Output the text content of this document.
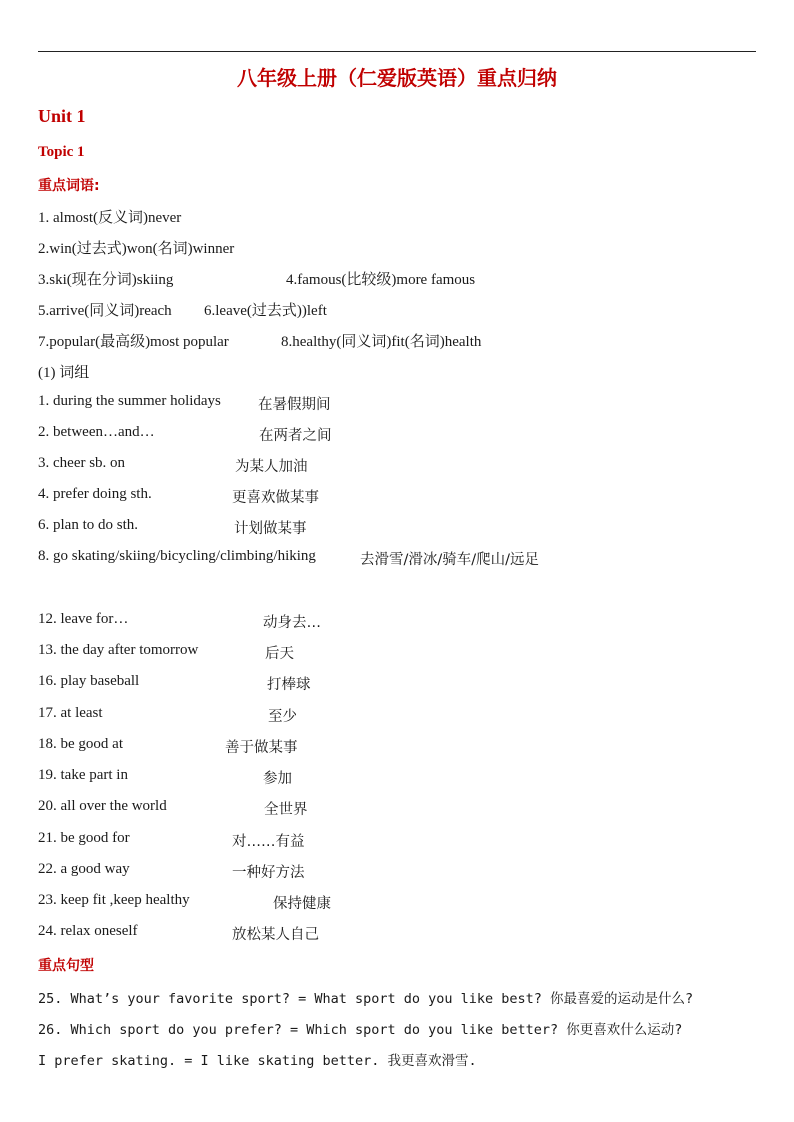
八年级上册（仁爱版英语）重点归纳
Unit 1
Topic 1
重点词语:
1. almost(反义词)never
2.win(过去式)won(名词)winner
3.ski(现在分词)skiing	4.famous(比较级)more famous
5.arrive(同义词)reach 6.leave(过去式))left
7.popular(最高级)most popular	8.healthy(同义词)fit(名词)health
(1) 词组
1. during the summer holidays	在暑假期间
2. between…and…	在两者之间
3. cheer sb. on	为某人加油
4. prefer doing sth.	更喜欢做某事
6. plan to do sth.	计划做某事
8. go skating/skiing/bicycling/climbing/hiking	去滑雪/滑冰/骑车/爬山/远足
12. leave for…	动身去…
13. the day after tomorrow	后天
16. play baseball	打棒球
17. at least	至少
18. be good at	善于做某事
19. take part in	参加
20. all over the world	全世界
21. be good for	对……有益
22. a good way	一种好方法
23. keep fit ,keep healthy	保持健康
24. relax oneself	放松某人自己
重点句型
25. What’s your favorite sport? = What sport do you like best? 你最喜爱的运动是什么?
26. Which sport do you prefer? = Which sport do you like better? 你更喜欢什么运动?
I prefer skating. = I like skating better. 我更喜欢滑雪.
